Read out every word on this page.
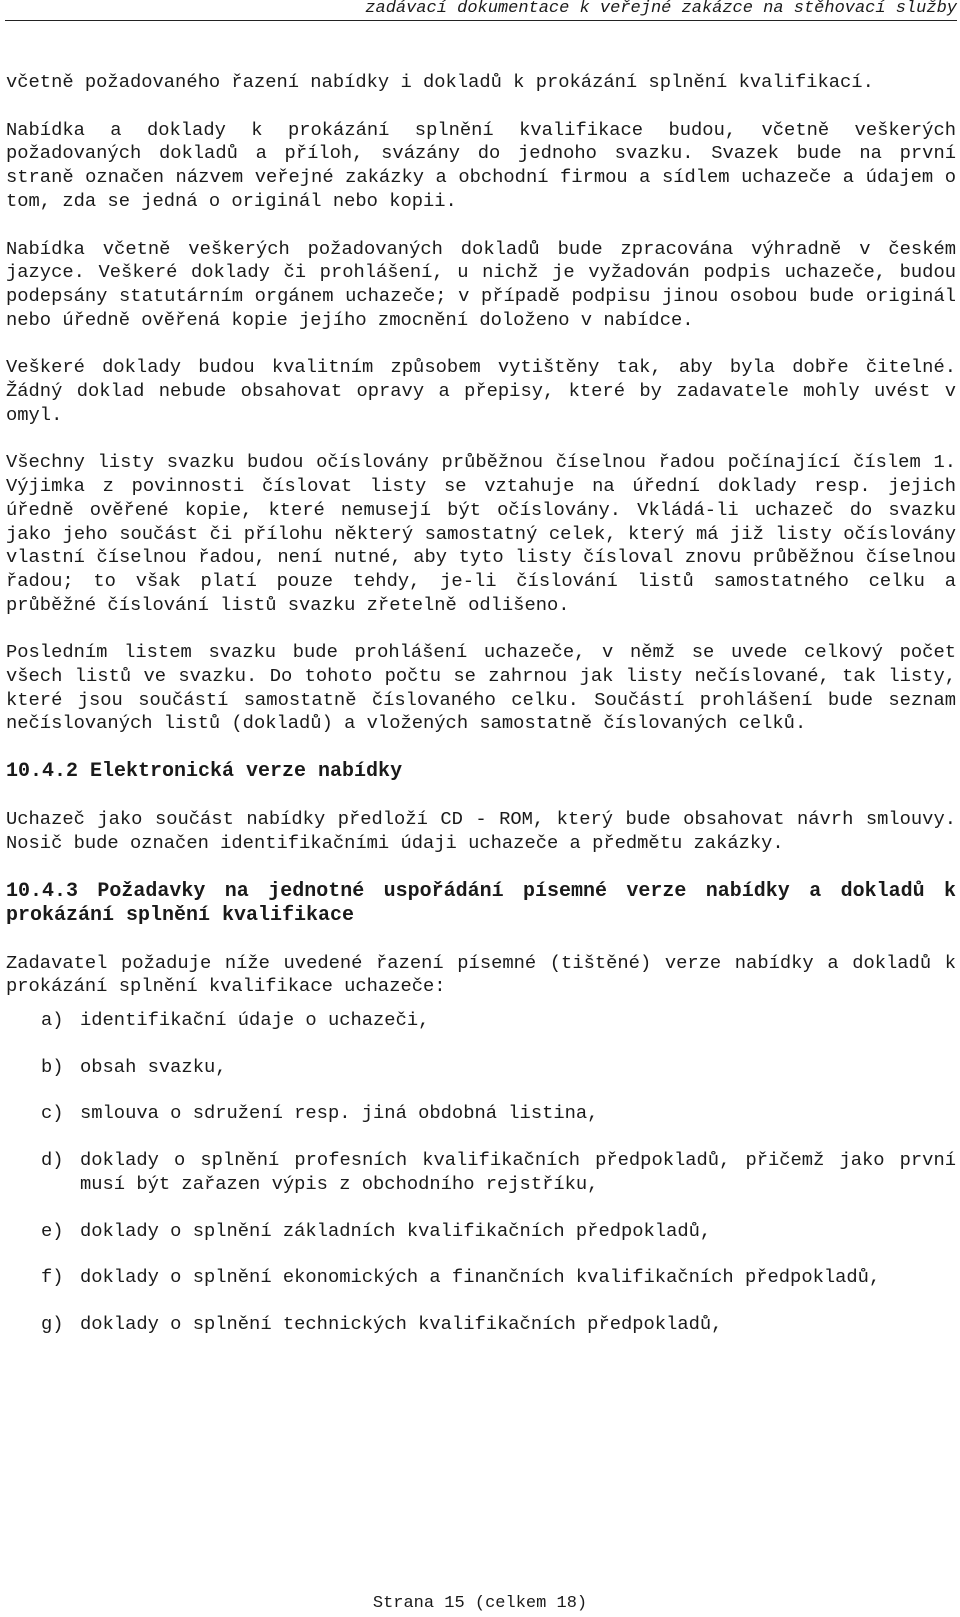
zadávací dokumentace k veřejné zakázce na stěhovací služby

včetně požadovaného řazení nabídky i dokladů k prokázání splnění kvalifikací.

Nabídka a doklady k prokázání splnění kvalifikace budou, včetně veškerých požadovaných dokladů a příloh, svázány do jednoho svazku. Svazek bude na první straně označen názvem veřejné zakázky a obchodní firmou a sídlem uchazeče a údajem o tom, zda se jedná o originál nebo kopii.

Nabídka včetně veškerých požadovaných dokladů bude zpracována výhradně v českém jazyce. Veškeré doklady či prohlášení, u nichž je vyžadován podpis uchazeče, budou podepsány statutárním orgánem uchazeče; v případě podpisu jinou osobou bude originál nebo úředně ověřená kopie jejího zmocnění doloženo v nabídce.

Veškeré doklady budou kvalitním způsobem vytištěny tak, aby byla dobře čitelné. Žádný doklad nebude obsahovat opravy a přepisy, které by zadavatele mohly uvést v omyl.

Všechny listy svazku budou očíslovány průběžnou číselnou řadou počínající číslem 1. Výjimka z povinnosti číslovat listy se vztahuje na úřední doklady resp. jejich úředně ověřené kopie, které nemusejí být očíslovány. Vkládá-li uchazeč do svazku jako jeho součást či přílohu některý samostatný celek, který má již listy očíslovány vlastní číselnou řadou, není nutné, aby tyto listy čísloval znovu průběžnou číselnou řadou; to však platí pouze tehdy, je-li číslování listů samostatného celku a průběžné číslování listů svazku zřetelně odlišeno.

Posledním listem svazku bude prohlášení uchazeče, v němž se uvede celkový počet všech listů ve svazku. Do tohoto počtu se zahrnou jak listy nečíslované, tak listy, které jsou součástí samostatně číslovaného celku. Součástí prohlášení bude seznam nečíslovaných listů (dokladů) a vložených samostatně číslovaných celků.

10.4.2 Elektronická verze nabídky

Uchazeč jako součást nabídky předloží CD - ROM, který bude obsahovat návrh smlouvy. Nosič bude označen identifikačními údaji uchazeče a předmětu zakázky.

10.4.3 Požadavky na jednotné uspořádání písemné verze nabídky a dokladů k prokázání splnění kvalifikace

Zadavatel požaduje níže uvedené řazení písemné (tištěné) verze nabídky a dokladů k prokázání splnění kvalifikace uchazeče:

a) identifikační údaje o uchazeči,
b) obsah svazku,
c) smlouva o sdružení resp. jiná obdobná listina,
d) doklady o splnění profesních kvalifikačních předpokladů, přičemž jako první musí být zařazen výpis z obchodního rejstříku,
e) doklady o splnění základních kvalifikačních předpokladů,
f) doklady o splnění ekonomických a finančních kvalifikačních předpokladů,
g) doklady o splnění technických kvalifikačních předpokladů,
Strana 15 (celkem 18)
